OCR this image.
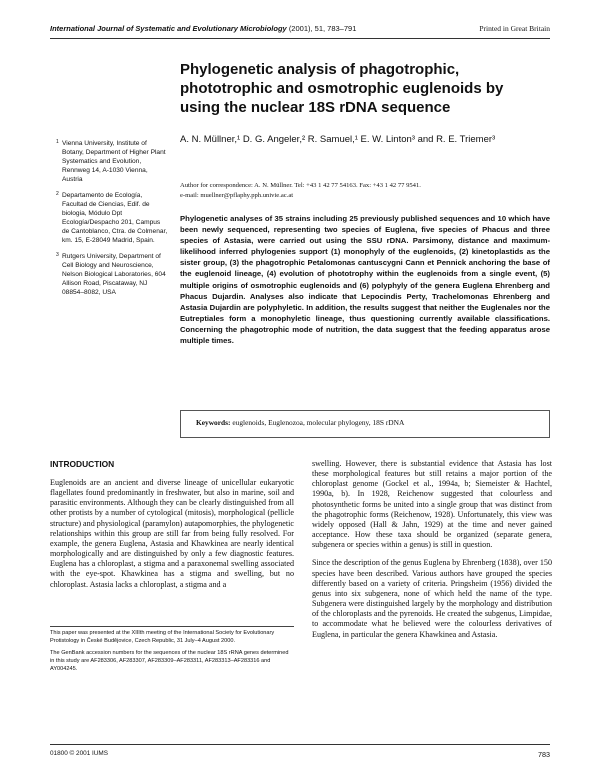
International Journal of Systematic and Evolutionary Microbiology (2001), 51, 783–791	Printed in Great Britain
Phylogenetic analysis of phagotrophic, phototrophic and osmotrophic euglenoids by using the nuclear 18S rDNA sequence
A. N. Müllner,¹ D. G. Angeler,² R. Samuel,¹ E. W. Linton³ and R. E. Triemer³
Author for correspondence: A. N. Müllner. Tel: +43 1 42 77 54163. Fax: +43 1 42 77 9541.
e-mail: muellner@pflaphy.pph.univie.ac.at
1 Vienna University, Institute of Botany, Department of Higher Plant Systematics and Evolution, Rennweg 14, A-1030 Vienna, Austria
2 Departamento de Ecología, Facultad de Ciencias, Edif. de biologia, Módulo Dpt Ecología/Despacho 201, Campus de Cantoblanco, Ctra. de Colmenar, km. 15, E-28049 Madrid, Spain.
3 Rutgers University, Department of Cell Biology and Neuroscience, Nelson Biological Laboratories, 604 Allison Road, Piscataway, NJ 08854–8082, USA
Phylogenetic analyses of 35 strains including 25 previously published sequences and 10 which have been newly sequenced, representing two species of Euglena, five species of Phacus and three species of Astasia, were carried out using the SSU rDNA. Parsimony, distance and maximum-likelihood inferred phylogenies support (1) monophyly of the euglenoids, (2) kinetoplastids as the sister group, (3) the phagotrophic Petalomonas cantuscygni Cann et Pennick anchoring the base of the euglenoid lineage, (4) evolution of phototrophy within the euglenoids from a single event, (5) multiple origins of osmotrophic euglenoids and (6) polyphyly of the genera Euglena Ehrenberg and Phacus Dujardin. Analyses also indicate that Lepocindis Perty, Trachelomonas Ehrenberg and Astasia Dujardin are polyphyletic. In addition, the results suggest that neither the Euglenales nor the Eutreptiales form a monophyletic lineage, thus questioning currently available classifications. Concerning the phagotrophic mode of nutrition, the data suggest that the feeding apparatus arose multiple times.
Keywords: euglenoids, Euglenozoa, molecular phylogeny, 18S rDNA
INTRODUCTION
Euglenoids are an ancient and diverse lineage of unicellular eukaryotic flagellates found predominantly in freshwater, but also in marine, soil and parasitic environments. Although they can be clearly distinguished from all other protists by a number of cytological (mitosis), morphological (pellicle structure) and physiological (paramylon) autapomorphies, the phylogenetic relationships within this group are still far from being fully resolved. For example, the genera Euglena, Astasia and Khawkinea are nearly identical morphologically and are distinguished by only a few diagnostic features. Euglena has a chloroplast, a stigma and a paraxonemal swelling associated with the eye-spot. Khawkinea has a stigma and swelling, but no chloroplast. Astasia lacks a chloroplast, a stigma and a

swelling. However, there is substantial evidence that Astasia has lost these morphological features but still retains a major portion of the chloroplast genome (Gockel et al., 1994a, b; Siemeister & Hachtel, 1990a, b). In 1928, Reichenow suggested that colourless and photosynthetic forms be united into a single group that was distinct from the phagotrophic forms (Reichenow, 1928). Unfortunately, this view was widely opposed (Hall & Jahn, 1929) at the time and never gained acceptance. How these taxa should be organized (separate genera, subgenera or species within a genus) is still in question.

Since the description of the genus Euglena by Ehrenberg (1838), over 150 species have been described. Various authors have grouped the species differently based on a variety of criteria. Pringsheim (1956) divided the genus into six subgenera, none of which held the name of the type. Subgenera were distinguished largely by the morphology and distribution of the chloroplasts and the pyrenoids. He created the subgenus, Limpidae, to accommodate what he believed were the colourless derivatives of Euglena, in particular the genera Khawkinea and Astasia.

This paper was presented at the XIIIth meeting of the International Society for Evolutionary Protistology in České Budějovice, Czech Republic, 31 July–4 August 2000.

The GenBank accession numbers for the sequences of the nuclear 18S rRNA genes determined in this study are AF283306, AF283307, AF283309–AF283311, AF283313–AF283316 and AY004245.

01800 © 2001 IUMS	783
